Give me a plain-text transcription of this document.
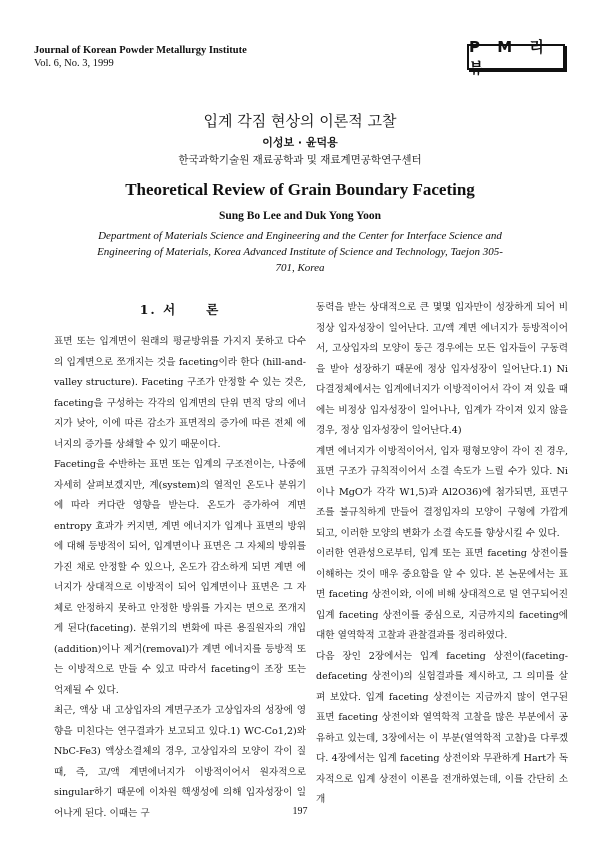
Journal of Korean Powder Metallurgy Institute
Vol. 6, No. 3, 1999
P M 리 뷰
입계 각짐 현상의 이론적 고찰
이성보 · 윤덕용
한국과학기술원 재료공학과 및 재료계면공학연구센터
Theoretical Review of Grain Boundary Faceting
Sung Bo Lee and Duk Yong Yoon
Department of Materials Science and Engineering and the Center for Interface Science and Engineering of Materials, Korea Advanced Institute of Science and Technology, Taejon 305-701, Korea
1. 서　　론

표면 또는 입계면이 원래의 평균방위를 가지지 못하고 다수의 입계면으로 쪼개지는 것을 faceting이라 한다 (hill-and-valley structure). Faceting 구조가 안정할 수 있는 것은, faceting을 구성하는 각각의 입계면의 단위 면적 당의 에너지가 낮아, 이에 따른 감소가 표면적의 증가에 따른 전체 에너지의 증가를 상쇄할 수 있기 때문이다.

Faceting을 수반하는 표면 또는 입계의 구조전이는, 나중에 자세히 살펴보겠지만, 계(system)의 열적인 온도나 분위기에 따라 커다란 영향을 받는다. 온도가 증가하여 계면 entropy 효과가 커지면, 계면 에너지가 입계나 표면의 방위에 대해 등방적이 되어, 입계면이나 표면은 그 자체의 방위를 가진 채로 안정할 수 있으나, 온도가 감소하게 되면 계면 에너지가 상대적으로 이방적이 되어 입계면이나 표면은 그 자체로 안정하지 못하고 안정한 방위를 가지는 면으로 쪼개지게 된다(faceting). 분위기의 변화에 따른 용질원자의 개입(addition)이나 제거(removal)가 계면 에너지를 등방적 또는 이방적으로 만들 수 있고 따라서 faceting이 조장 또는 억제될 수 있다.

최근, 액상 내 고상입자의 계면구조가 고상입자의 성장에 영향을 미친다는 연구결과가 보고되고 있다.1) WC-Co1,2)와 NbC-Fe3) 액상소결체의 경우, 고상입자의 모양이 각이 질 때, 즉, 고/액 계면에너지가 이방적이어서 원자적으로 singular하기 때문에 이차원 핵생성에 의해 입자성장이 일어나게 된다. 이때는 구

동력을 받는 상대적으로 큰 몇몇 입자만이 성장하게 되어 비정상 입자성장이 일어난다. 고/액 계면 에너지가 등방적이어서, 고상입자의 모양이 둥근 경우에는 모든 입자들이 구동력을 받아 성장하기 때문에 정상 입자성장이 일어난다.1) Ni 다결정체에서는 입계에너지가 이방적이어서 각이 져 있을 때에는 비정상 입자성장이 일어나나, 입계가 각이져 있지 않을 경우, 정상 입자성장이 일어난다.4)

계면 에너지가 이방적이어서, 입자 평형모양이 각이 진 경우, 표면 구조가 규칙적이어서 소결 속도가 느릴 수가 있다. Ni이나 MgO가 각각 W1,5)과 Al2O36)에 첨가되면, 표면구조를 불규칙하게 만들어 결정입자의 모양이 구형에 가깝게 되고, 이러한 모양의 변화가 소결 속도를 향상시킬 수 있다.

이러한 연관성으로부터, 입계 또는 표면 faceting 상전이를 이해하는 것이 매우 중요함을 알 수 있다. 본 논문에서는 표면 faceting 상전이와, 이에 비해 상대적으로 덜 연구되어진 입계 faceting 상전이를 중심으로, 지금까지의 faceting에 대한 열역학적 고찰과 관찰결과를 정리하였다.

다음 장인 2장에서는 입계 faceting 상전이(faceting-defaceting 상전이)의 실험결과를 제시하고, 그 의미를 살펴 보았다. 입계 faceting 상전이는 지금까지 많이 연구된 표면 faceting 상전이와 열역학적 고찰을 많은 부분에서 공유하고 있는데, 3장에서는 이 부분(열역학적 고찰)을 다루겠다. 4장에서는 입계 faceting 상전이와 무관하게 Hart가 독자적으로 입계 상전이 이론을 전개하였는데, 이를 간단히 소개

197
